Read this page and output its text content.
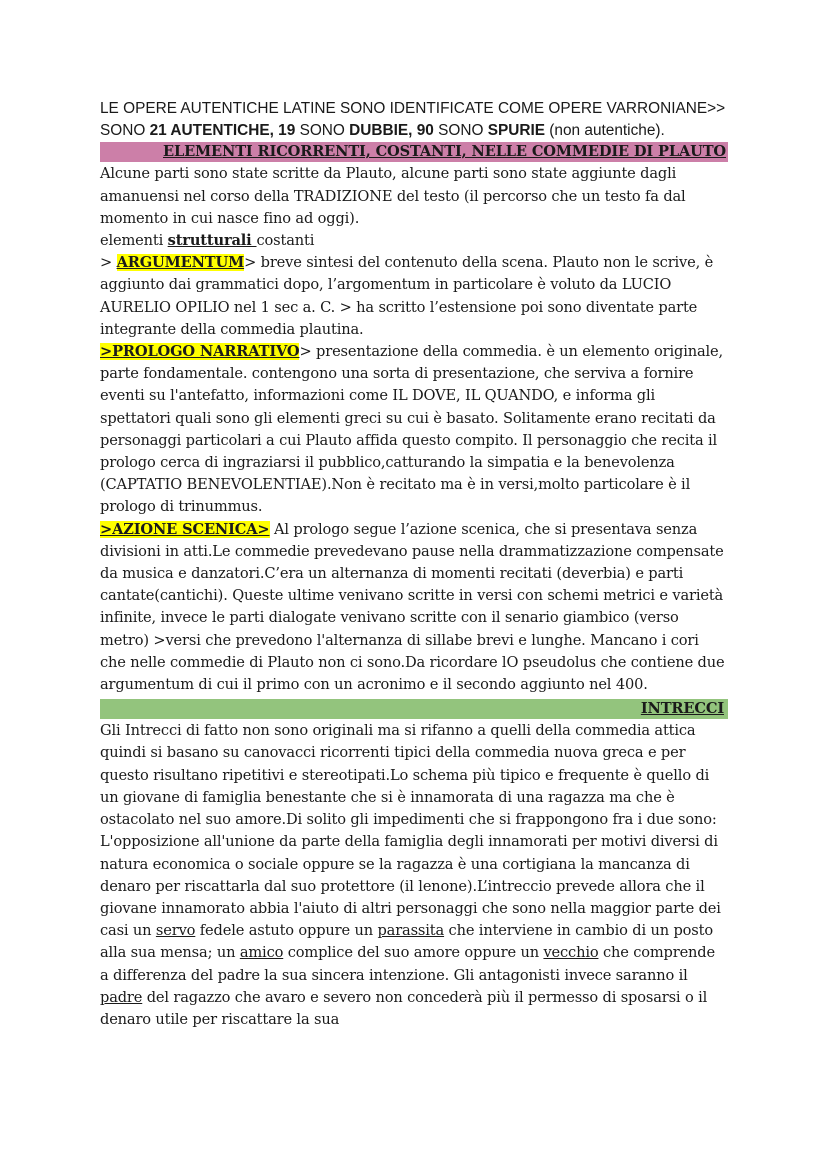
LE OPERE AUTENTICHE LATINE SONO IDENTIFICATE COME OPERE VARRONIANE>> SONO 21 AUTENTICHE, 19 SONO DUBBIE, 90 SONO SPURIE (non autentiche).

ELEMENTI RICORRENTI, COSTANTI, NELLE COMMEDIE DI PLAUTO

Alcune parti sono state scritte da Plauto, alcune parti sono state aggiunte dagli amanuensi nel corso della TRADIZIONE del testo (il percorso che un testo fa dal momento in cui nasce fino ad oggi).

elementi strutturali costanti

> ARGUMENTUM> breve sintesi del contenuto della scena. Plauto non le scrive, è aggiunto dai grammatici dopo, l’argomentum in particolare è voluto da LUCIO AURELIO OPILIO nel 1 sec a. C. > ha scritto l’estensione poi sono diventate parte integrante della commedia plautina.

>PROLOGO NARRATIVO> presentazione della commedia. è un elemento originale, parte fondamentale. contengono una sorta di presentazione, che serviva a fornire eventi su l'antefatto, informazioni come IL DOVE, IL QUANDO, e informa gli spettatori quali sono gli elementi greci su cui è basato. Solitamente erano recitati da personaggi particolari a cui Plauto affida questo compito. Il personaggio che recita il prologo cerca di ingraziarsi il pubblico,catturando la simpatia e la benevolenza (CAPTATIO BENEVOLENTIAE).Non è recitato ma è in versi,molto particolare è il prologo di trinummus.

>AZIONE SCENICA> Al prologo segue l’azione scenica, che si presentava senza divisioni in atti.Le commedie prevedevano pause nella drammatizzazione compensate da musica e danzatori.C’era un alternanza di momenti recitati (deverbia) e parti cantate(cantichi). Queste ultime venivano scritte in versi con schemi metrici e varietà infinite, invece le parti dialogate venivano scritte con il senario giambico (verso metro) >versi che prevedono l'alternanza di sillabe brevi e lunghe. Mancano i cori che nelle commedie di Plauto non ci sono.Da ricordare lO pseudolus che contiene due argumentum di cui il primo con un acronimo e il secondo aggiunto nel 400.

INTRECCI

Gli Intrecci di fatto non sono originali ma si rifanno a quelli della commedia attica quindi si basano su canovacci ricorrenti tipici della commedia nuova greca e per questo risultano ripetitivi e stereotipati.Lo schema più tipico e frequente è quello di un giovane di famiglia benestante che si è innamorata di una ragazza ma che è ostacolato nel suo amore.Di solito gli impedimenti che si frappongono fra i due sono: L'opposizione all'unione da parte della famiglia degli innamorati per motivi diversi di natura economica o sociale oppure se la ragazza è una cortigiana la mancanza di denaro per riscattarla dal suo protettore (il lenone).L’intreccio prevede allora che il giovane innamorato abbia l'aiuto di altri personaggi che sono nella maggior parte dei casi un servo fedele astuto oppure un parassita che interviene in cambio di un posto alla sua mensa; un amico complice del suo amore oppure un vecchio che comprende a differenza del padre la sua sincera intenzione. Gli antagonisti invece saranno il padre del ragazzo che avaro e severo non concederà più il permesso di sposarsi o il denaro utile per riscattare la sua
